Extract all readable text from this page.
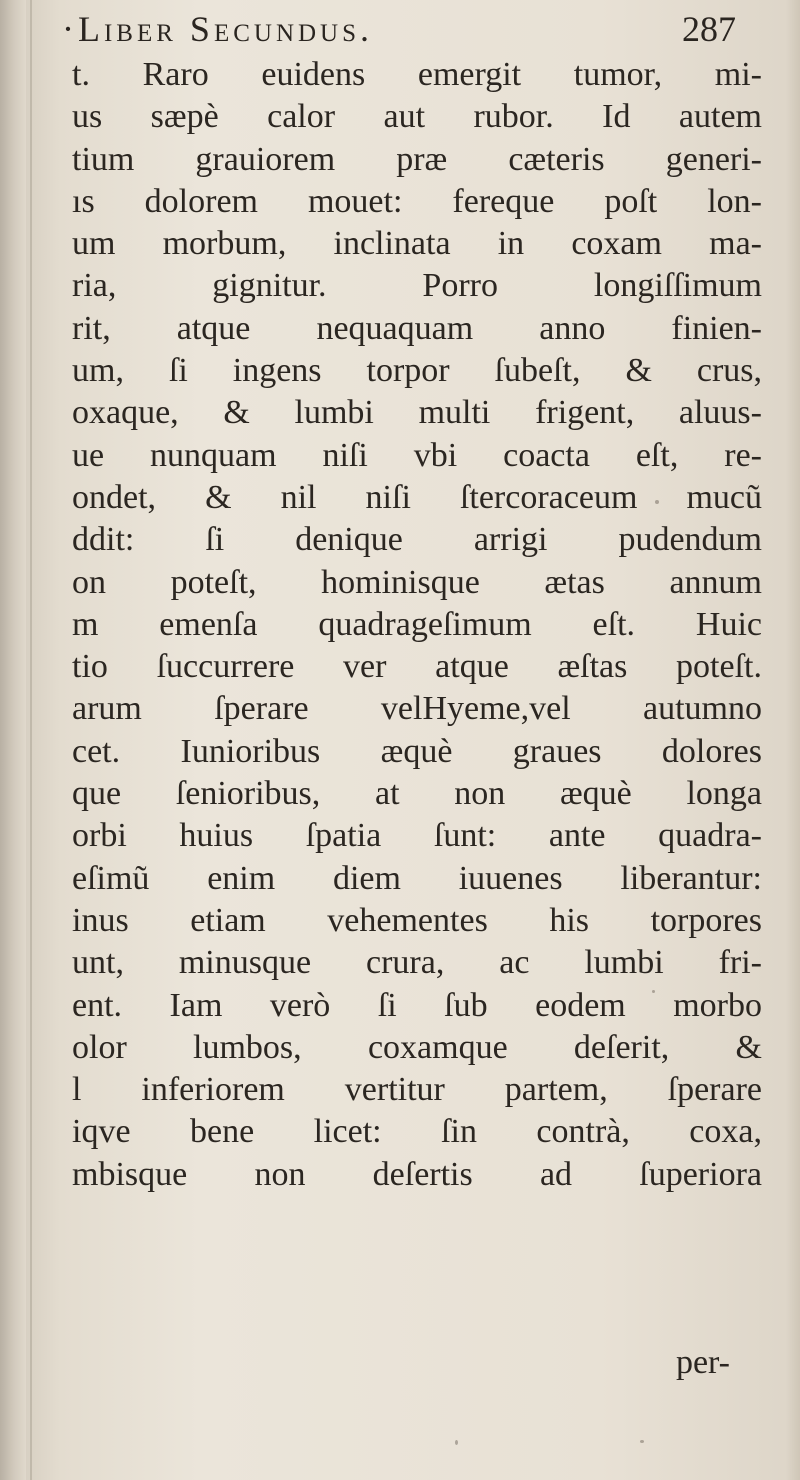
·Liber Secundus.	287
t. Raro euidens emergit tumor, mi-
us sæpè calor aut rubor. Id autem
tium grauiorem præ cæteris generi-
ıs dolorem mouet: fereque poſt lon-
um morbum, inclinata in coxam ma-
ria, gignitur. Porro longiſſimum
rit, atque nequaquam anno finien-
um, ſi ingens torpor ſubeſt, & crus,
oxaque, & lumbi multi frigent, aluus-
ue nunquam niſi vbi coacta eſt, re-
ondet, & nil niſi ſtercoraceum mucũ
ddit: ſi denique arrigi pudendum
on poteſt, hominisque ætas annum
m emenſa quadrageſimum eſt. Huic
tio ſuccurrere ver atque æſtas poteſt.
arum ſperare velHyeme,vel autumno
cet. Iunioribus æquè graues dolores
que ſenioribus, at non æquè longa
orbi huius ſpatia ſunt: ante quadra-
eſimũ enim diem iuuenes liberantur:
inus etiam vehementes his torpores
unt, minusque crura, ac lumbi fri-
ent. Iam verò ſi ſub eodem morbo
olor lumbos, coxamque deſerit, &
l inferiorem vertitur partem, ſperare
iqve bene licet: ſin contrà, coxa,
mbisque non deſertis ad ſuperiora
per-
